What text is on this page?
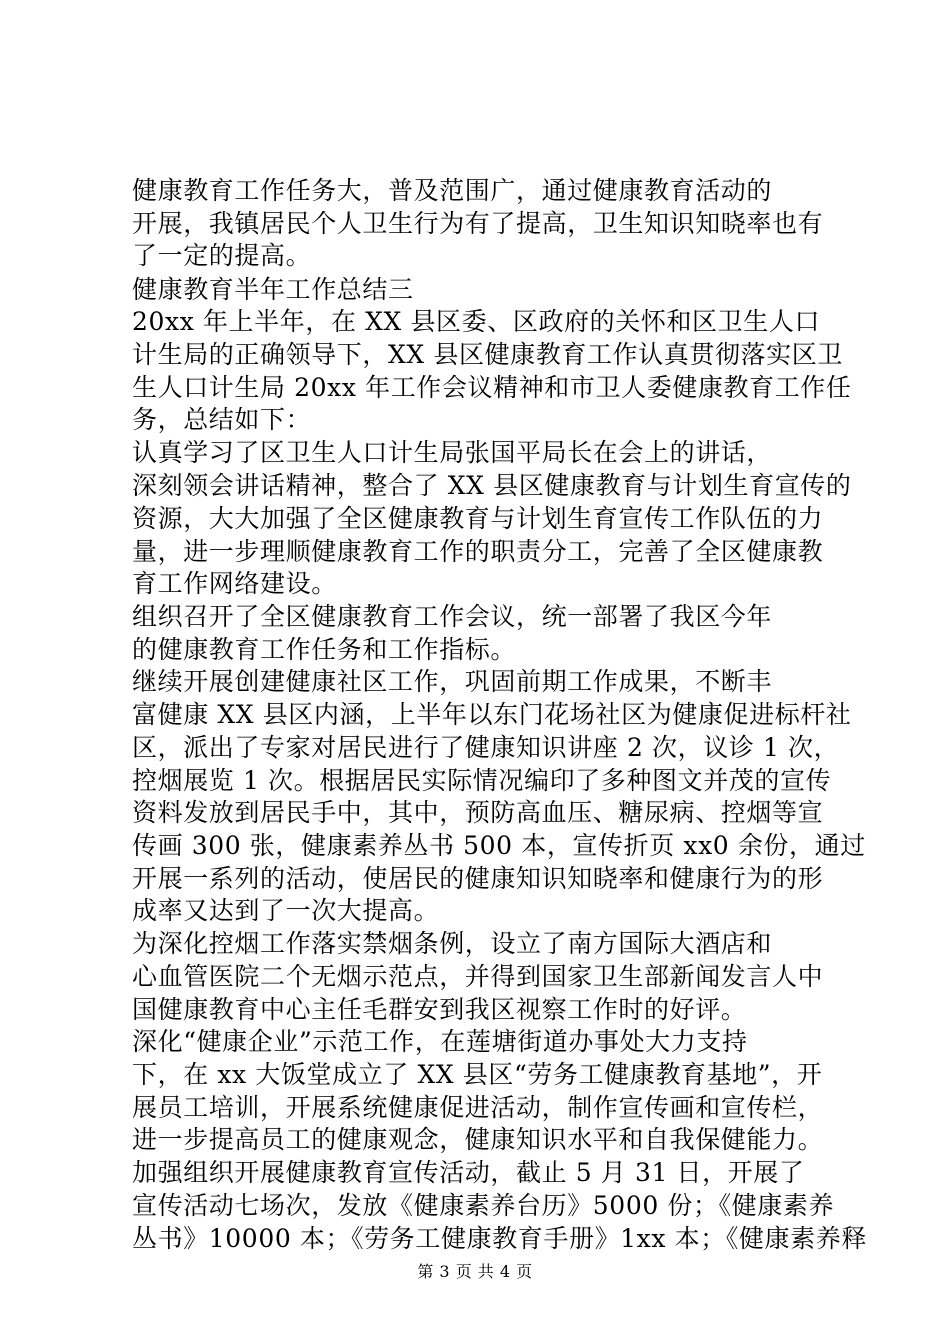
健康教育工作任务大，普及范围广，通过健康教育活动的
开展，我镇居民个人卫生行为有了提高，卫生知识知晓率也有
了一定的提高。
健康教育半年工作总结三
20xx 年上半年，在 XX 县区委、区政府的关怀和区卫生人口
计生局的正确领导下，XX 县区健康教育工作认真贯彻落实区卫
生人口计生局 20xx 年工作会议精神和市卫人委健康教育工作任
务，总结如下：
认真学习了区卫生人口计生局张国平局长在会上的讲话，
深刻领会讲话精神，整合了 XX 县区健康教育与计划生育宣传的
资源，大大加强了全区健康教育与计划生育宣传工作队伍的力
量，进一步理顺健康教育工作的职责分工，完善了全区健康教
育工作网络建设。
组织召开了全区健康教育工作会议，统一部署了我区今年
的健康教育工作任务和工作指标。
继续开展创建健康社区工作，巩固前期工作成果，不断丰
富健康 XX 县区内涵，上半年以东门花场社区为健康促进标杆社
区，派出了专家对居民进行了健康知识讲座 2 次，议诊 1 次，
控烟展览 1 次。根据居民实际情况编印了多种图文并茂的宣传
资料发放到居民手中，其中，预防高血压、糖尿病、控烟等宣
传画 300 张，健康素养丛书 500 本，宣传折页 xx0 余份，通过
开展一系列的活动，使居民的健康知识知晓率和健康行为的形
成率又达到了一次大提高。
为深化控烟工作落实禁烟条例，设立了南方国际大酒店和
心血管医院二个无烟示范点，并得到国家卫生部新闻发言人中
国健康教育中心主任毛群安到我区视察工作时的好评。
深化“健康企业”示范工作，在莲塘街道办事处大力支持
下，在 xx 大饭堂成立了 XX 县区“劳务工健康教育基地”，开
展员工培训，开展系统健康促进活动，制作宣传画和宣传栏，
进一步提高员工的健康观念，健康知识水平和自我保健能力。
加强组织开展健康教育宣传活动，截止 5 月 31 日，开展了
宣传活动七场次，发放《健康素养台历》5000 份；《健康素养
丛书》10000 本；《劳务工健康教育手册》1xx 本；《健康素养释
第 3 页 共 4 页
